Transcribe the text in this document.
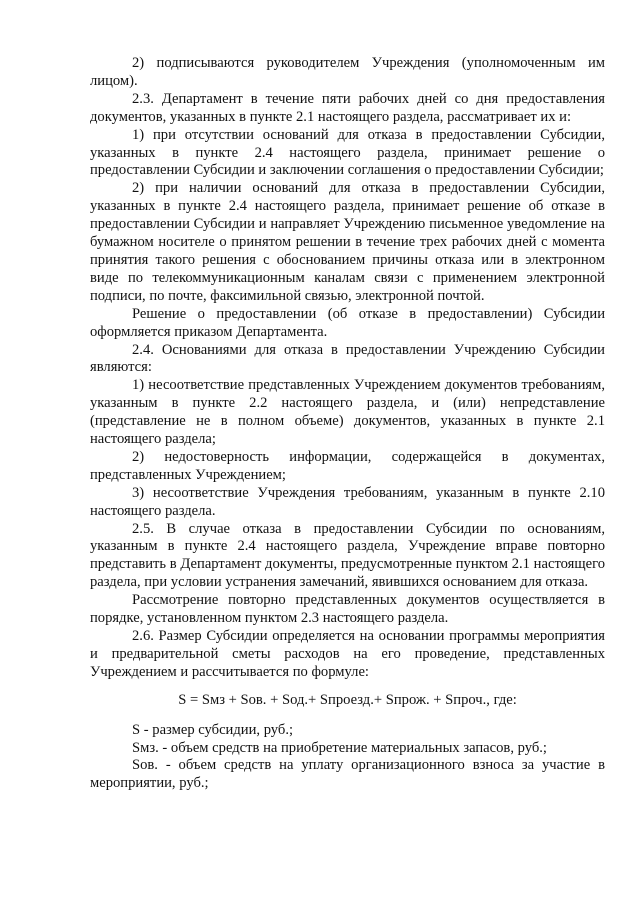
2) подписываются руководителем Учреждения (уполномоченным им лицом).

2.3. Департамент в течение пяти рабочих дней со дня предоставления документов, указанных в пункте 2.1 настоящего раздела, рассматривает их и:

1) при отсутствии оснований для отказа в предоставлении Субсидии, указанных в пункте 2.4 настоящего раздела, принимает решение о предоставлении Субсидии и заключении соглашения о предоставлении Субсидии;

2) при наличии оснований для отказа в предоставлении Субсидии, указанных в пункте 2.4 настоящего раздела, принимает решение об отказе в предоставлении Субсидии и направляет Учреждению письменное уведомление на бумажном носителе о принятом решении в течение трех рабочих дней с момента принятия такого решения с обоснованием причины отказа или в электронном виде по телекоммуникационным каналам связи с применением электронной подписи, по почте, факсимильной связью, электронной почтой.

Решение о предоставлении (об отказе в предоставлении) Субсидии оформляется приказом Департамента.

2.4. Основаниями для отказа в предоставлении Учреждению Субсидии являются:

1) несоответствие представленных Учреждением документов требованиям, указанным в пункте 2.2 настоящего раздела, и (или) непредставление (представление не в полном объеме) документов, указанных в пункте 2.1 настоящего раздела;

2) недостоверность информации, содержащейся в документах, представленных Учреждением;

3) несоответствие Учреждения требованиям, указанным в пункте 2.10 настоящего раздела.

2.5. В случае отказа в предоставлении Субсидии по основаниям, указанным в пункте 2.4 настоящего раздела, Учреждение вправе повторно представить в Департамент документы, предусмотренные пунктом 2.1 настоящего раздела, при условии устранения замечаний, явившихся основанием для отказа.

Рассмотрение повторно представленных документов осуществляется в порядке, установленном пунктом 2.3 настоящего раздела.

2.6. Размер Субсидии определяется на основании программы мероприятия и предварительной сметы расходов на его проведение, представленных Учреждением и рассчитывается по формуле:

S = Sмз + Sов. + Sод.+ Sпроезд.+ Sпрож. + Sпроч., где:

S - размер субсидии, руб.;

Sмз. - объем средств на приобретение материальных запасов, руб.;

Sов. - объем средств на уплату организационного взноса за участие в мероприятии, руб.;
